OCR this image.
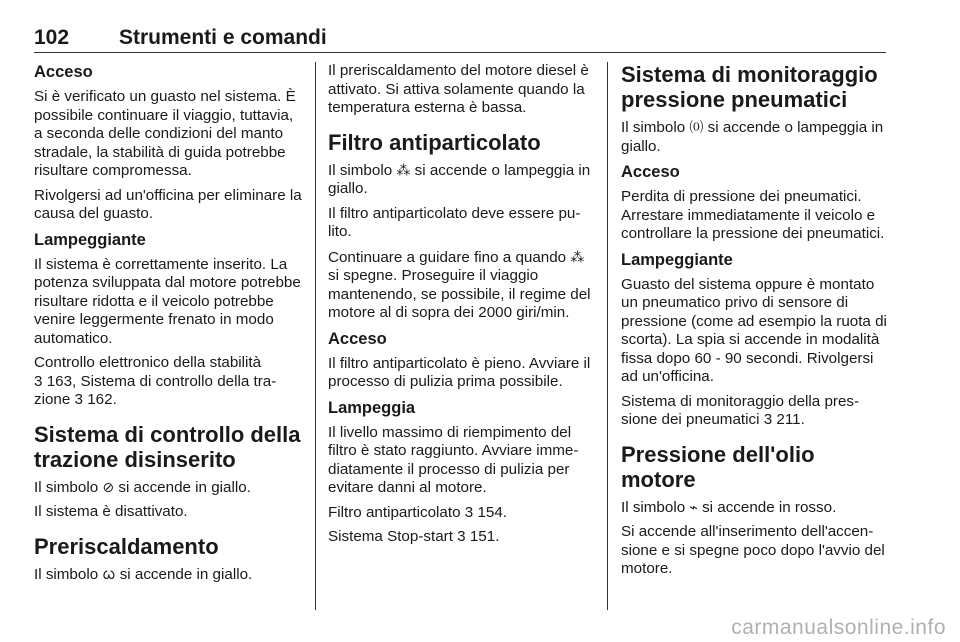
102 Strumenti e comandi
Acceso

Si è verificato un guasto nel sistema. È possibile continuare il viaggio, tuttavia, a seconda delle condizioni del manto stradale, la stabilità di guida potrebbe risultare compromessa.

Rivolgersi ad un'officina per eliminare la causa del guasto.

Lampeggiante

Il sistema è correttamente inserito. La potenza sviluppata dal motore potrebbe risultare ridotta e il veicolo potrebbe venire leggermente frenato in modo automatico.

Controllo elettronico della stabilità
3 163, Sistema di controllo della trazione 3 162.

Sistema di controllo della trazione disinserito

Il simbolo ⊘ si accende in giallo.

Il sistema è disattivato.

Preriscaldamento

Il simbolo ᰃ si accende in giallo.

Il preriscaldamento del motore diesel è attivato. Si attiva solamente quando la temperatura esterna è bassa.

Filtro antiparticolato

Il simbolo ⁂ si accende o lampeggia in giallo.

Il filtro antiparticolato deve essere pulito.

Continuare a guidare fino a quando ⁂ si spegne. Proseguire il viaggio mantenendo, se possibile, il regime del motore al di sopra dei 2000 giri/min.

Acceso

Il filtro antiparticolato è pieno. Avviare il processo di pulizia prima possibile.

Lampeggia

Il livello massimo di riempimento del filtro è stato raggiunto. Avviare immediatamente il processo di pulizia per evitare danni al motore.

Filtro antiparticolato 3 154.

Sistema Stop-start 3 151.

Sistema di monitoraggio pressione pneumatici

Il simbolo ⒪ si accende o lampeggia in giallo.

Acceso

Perdita di pressione dei pneumatici. Arrestare immediatamente il veicolo e controllare la pressione dei pneumatici.

Lampeggiante

Guasto del sistema oppure è montato un pneumatico privo di sensore di pressione (come ad esempio la ruota di scorta). La spia si accende in modalità fissa dopo 60 - 90 secondi. Rivolgersi ad un'officina.

Sistema di monitoraggio della pressione dei pneumatici 3 211.

Pressione dell'olio motore

Il simbolo ⌁ si accende in rosso.

Si accende all'inserimento dell'accensione e si spegne poco dopo l'avvio del motore.

carmanualsonline.info
